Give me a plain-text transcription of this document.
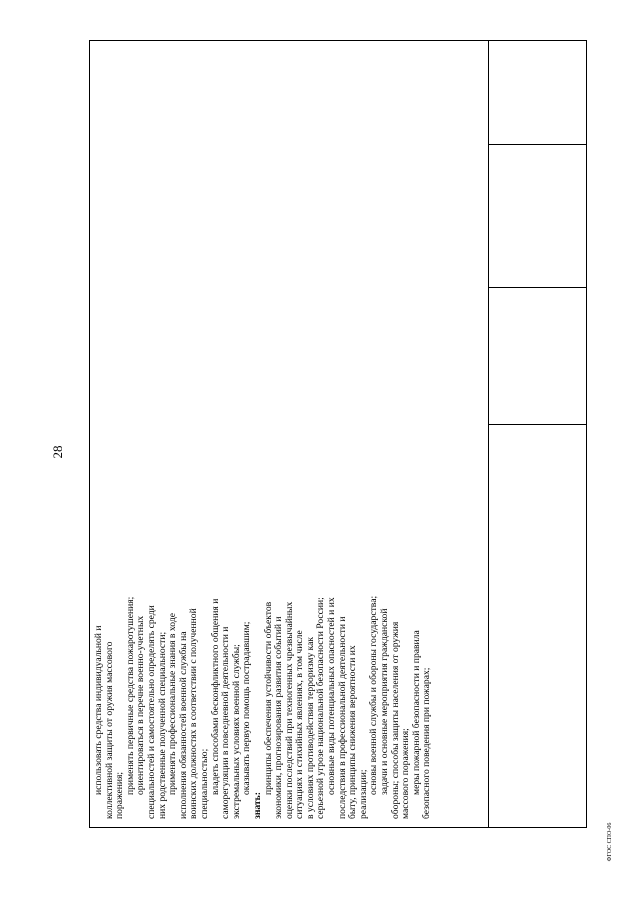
28
ФГОС СПО-06
использовать средства индивидуальной и коллективной защиты от оружия массового поражения;
применять первичные средства пожаротушения; ориентироваться в перечне военно-учетных специальностей и самостоятельно определять среди них родственные полученной специальности; применять профессиональные знания в ходе исполнения обязанностей военной службы на воинских должностях в соответствии с полученной специальностью; владеть способами бесконфликтного общения и саморегуляции в повседневной деятельности и экстремальных условиях военной службы; оказывать первую помощь пострадавшим;
знать:
принципы обеспечения устойчивости объектов экономики, прогнозирования развития событий и оценки последствий при техногенных чрезвычайных ситуациях и стихийных явлениях, в том числе в условиях противодействия терроризму как серьезной угрозе национальной безопасности России; основные виды потенциальных опасностей и их последствия в профессиональной деятельности и быту, принципы снижения вероятности их реализации; основы военной службы и обороны государства; задачи и основные мероприятия гражданской обороны; способы защиты населения от оружия массового поражения; меры пожарной безопасности и правила безопасного поведения при пожарах;
